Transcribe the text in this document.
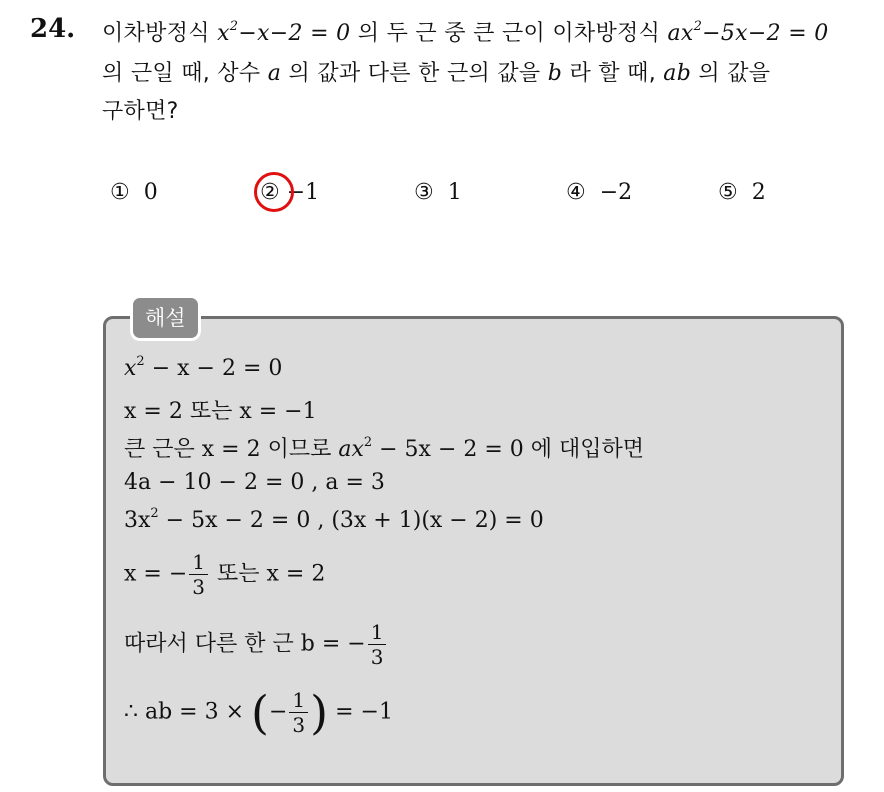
24. 이차방정식 $x^2-x-2 = 0$ 의 두 근 중 큰 근이 이차방정식 $ax^2-5x-2 = 0$
의 근일 때, 상수 a 의 값과 다른 한 근의 값을 b 라 할 때, ab 의 값을
구하면?
① 0	② −1	③ 1	④ −2	⑤ 2
해설
$x^2 - x - 2 = 0$
x = 2 또는 x = −1
큰 근은 x = 2 이므로 $ax^2 - 5x - 2 = 0$ 에 대입하면
4a − 10 − 2 = 0 , a = 3
$3x^2 - 5x - 2 = 0$ , (3x + 1)(x − 2) = 0
x = − $\frac{1}{3}$ 또는 x = 2
따라서 다른 한 근 b = − $\frac{1}{3}$
∴ ab = 3 × (− $\frac{1}{3}$ ) = −1
